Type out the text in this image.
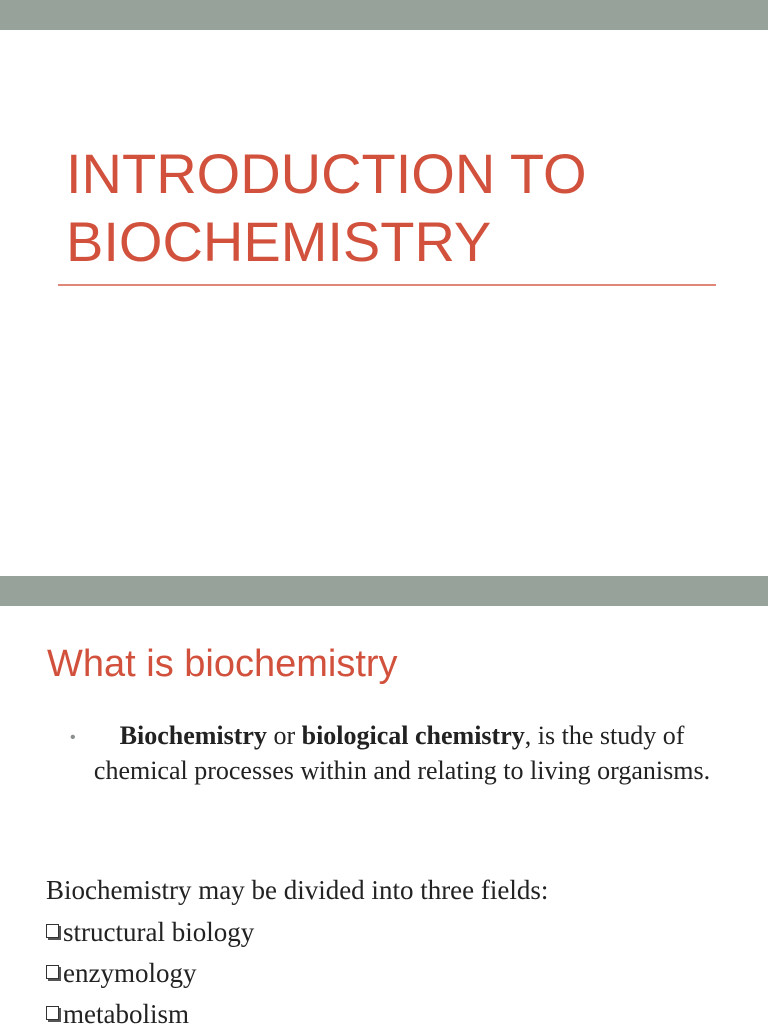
INTRODUCTION TO
BIOCHEMISTRY
What is biochemistry
•	Biochemistry or biological chemistry, is the study of chemical processes within and relating to living organisms.
Biochemistry may be divided into three fields:
structural biology
enzymology
metabolism
